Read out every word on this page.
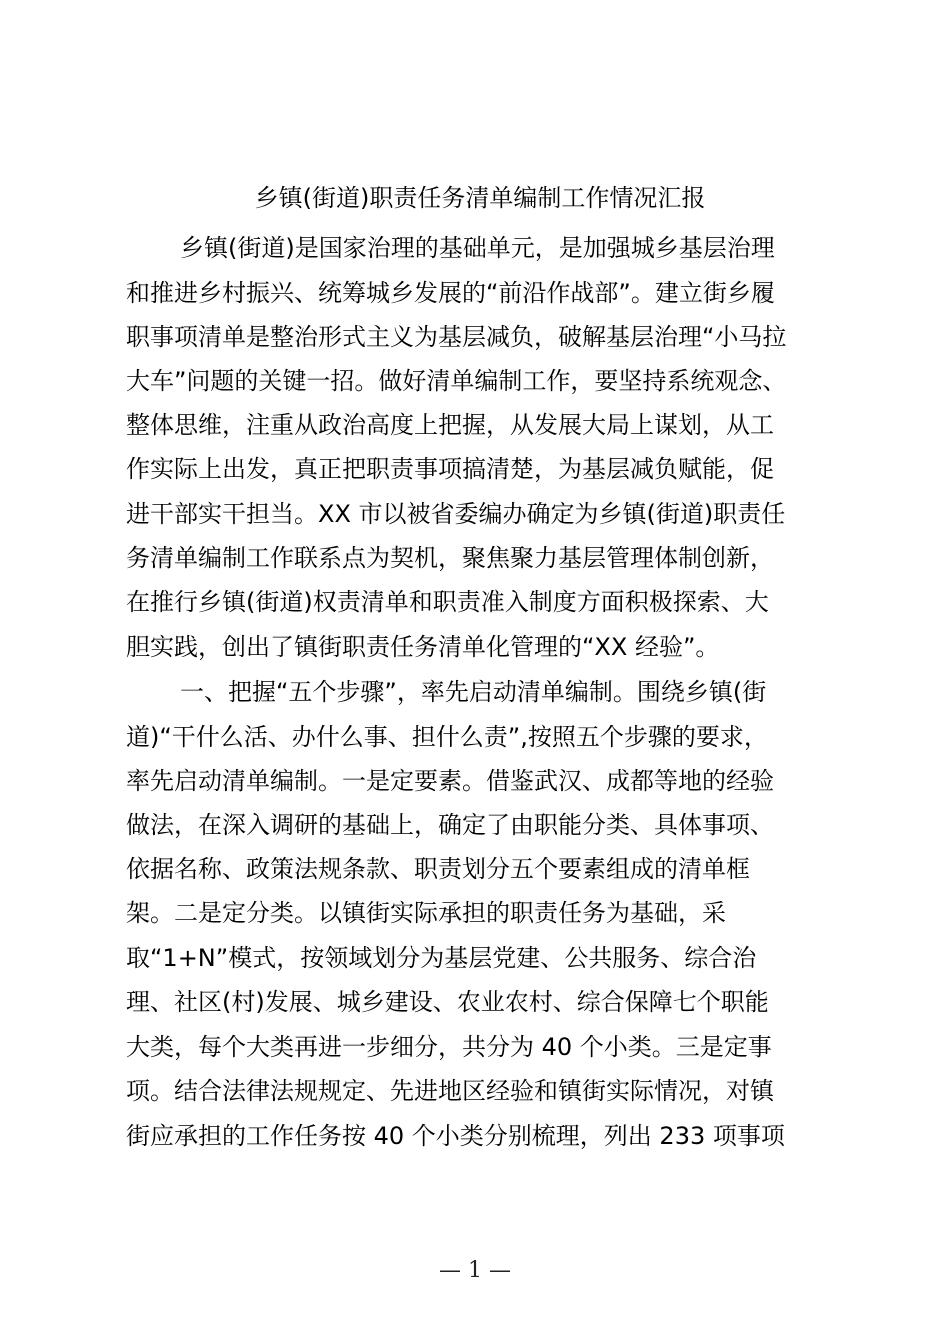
乡镇(街道)职责任务清单编制工作情况汇报
乡镇(街道)是国家治理的基础单元，是加强城乡基层治理
和推进乡村振兴、统筹城乡发展的“前沿作战部”。建立街乡履
职事项清单是整治形式主义为基层减负，破解基层治理“小马拉
大车”问题的关键一招。做好清单编制工作，要坚持系统观念、
整体思维，注重从政治高度上把握，从发展大局上谋划，从工
作实际上出发，真正把职责事项搞清楚，为基层减负赋能，促
进干部实干担当。XX 市以被省委编办确定为乡镇(街道)职责任
务清单编制工作联系点为契机，聚焦聚力基层管理体制创新，
在推行乡镇(街道)权责清单和职责准入制度方面积极探索、大
胆实践，创出了镇街职责任务清单化管理的“XX 经验”。
一、把握“五个步骤”，率先启动清单编制。围绕乡镇(街
道)“干什么活、办什么事、担什么责”,按照五个步骤的要求，
率先启动清单编制。一是定要素。借鉴武汉、成都等地的经验
做法，在深入调研的基础上，确定了由职能分类、具体事项、
依据名称、政策法规条款、职责划分五个要素组成的清单框
架。二是定分类。以镇街实际承担的职责任务为基础，采
取“1+N”模式，按领域划分为基层党建、公共服务、综合治
理、社区(村)发展、城乡建设、农业农村、综合保障七个职能
大类，每个大类再进一步细分，共分为 40 个小类。三是定事
项。结合法律法规规定、先进地区经验和镇街实际情况，对镇
街应承担的工作任务按 40 个小类分别梳理，列出 233 项事项
— 1 —
